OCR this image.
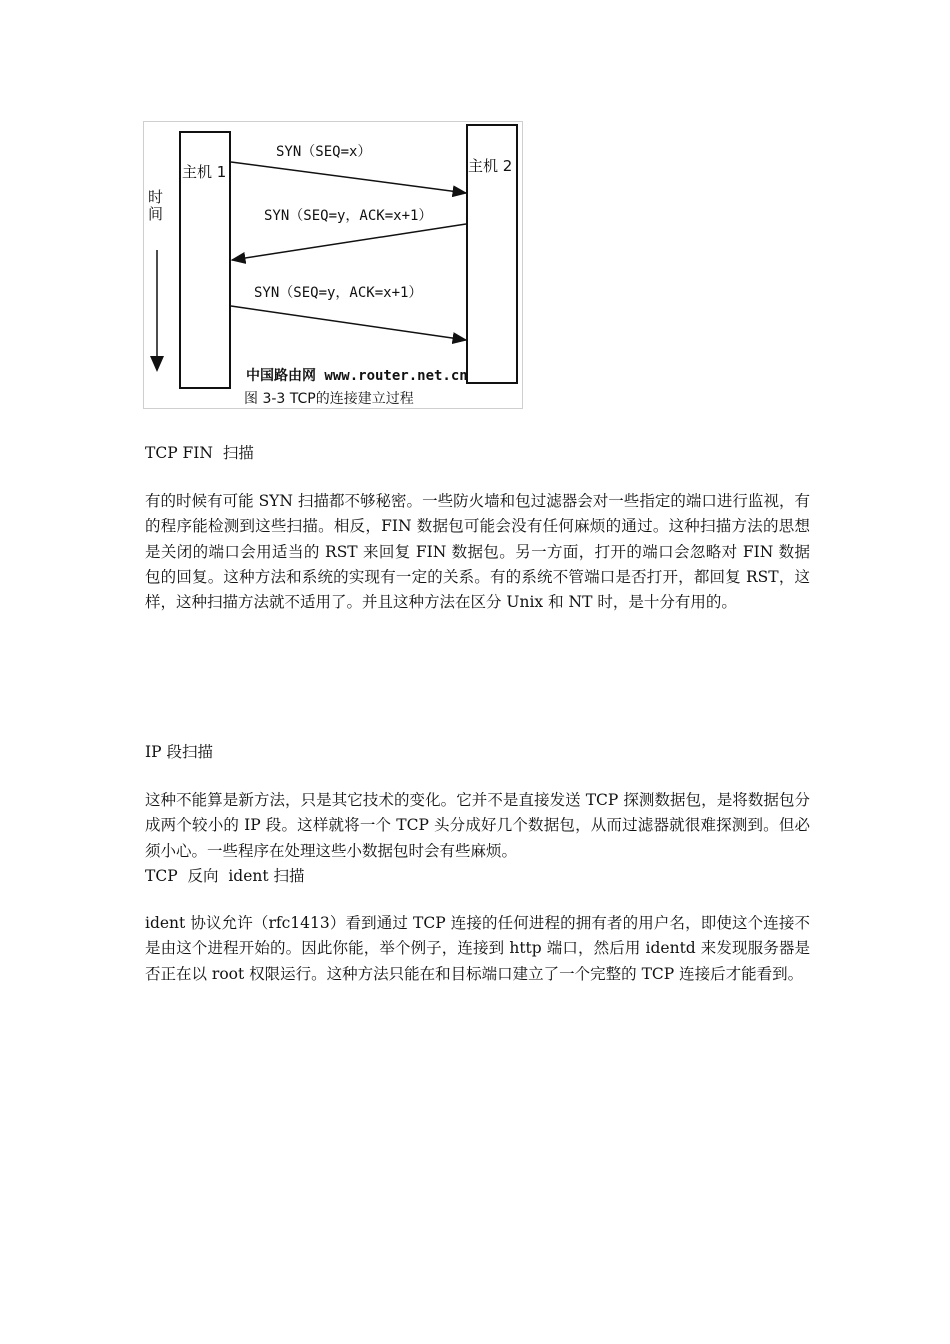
主机 1	主机 2
时
间
SYN（SEQ=x）
SYN（SEQ=y，ACK=x+1）
SYN（SEQ=y，ACK=x+1）
中国路由网 www.router.net.cn
图 3-3 TCP的连接建立过程

TCP FIN  扫描

有的时候有可能 SYN 扫描都不够秘密。一些防火墙和包过滤器会对一些指定的端口进行监视，有的程序能检测到这些扫描。相反，FIN 数据包可能会没有任何麻烦的通过。这种扫描方法的思想是关闭的端口会用适当的 RST 来回复 FIN 数据包。另一方面，打开的端口会忽略对 FIN 数据包的回复。这种方法和系统的实现有一定的关系。有的系统不管端口是否打开，都回复 RST，这样，这种扫描方法就不适用了。并且这种方法在区分 Unix 和 NT 时，是十分有用的。

IP 段扫描

这种不能算是新方法，只是其它技术的变化。它并不是直接发送 TCP 探测数据包，是将数据包分成两个较小的 IP 段。这样就将一个 TCP 头分成好几个数据包，从而过滤器就很难探测到。但必须小心。一些程序在处理这些小数据包时会有些麻烦。

TCP  反向  ident 扫描

ident 协议允许（rfc1413）看到通过 TCP 连接的任何进程的拥有者的用户名，即使这个连接不是由这个进程开始的。因此你能，举个例子，连接到 http 端口，然后用 identd 来发现服务器是否正在以 root 权限运行。这种方法只能在和目标端口建立了一个完整的 TCP 连接后才能看到。
